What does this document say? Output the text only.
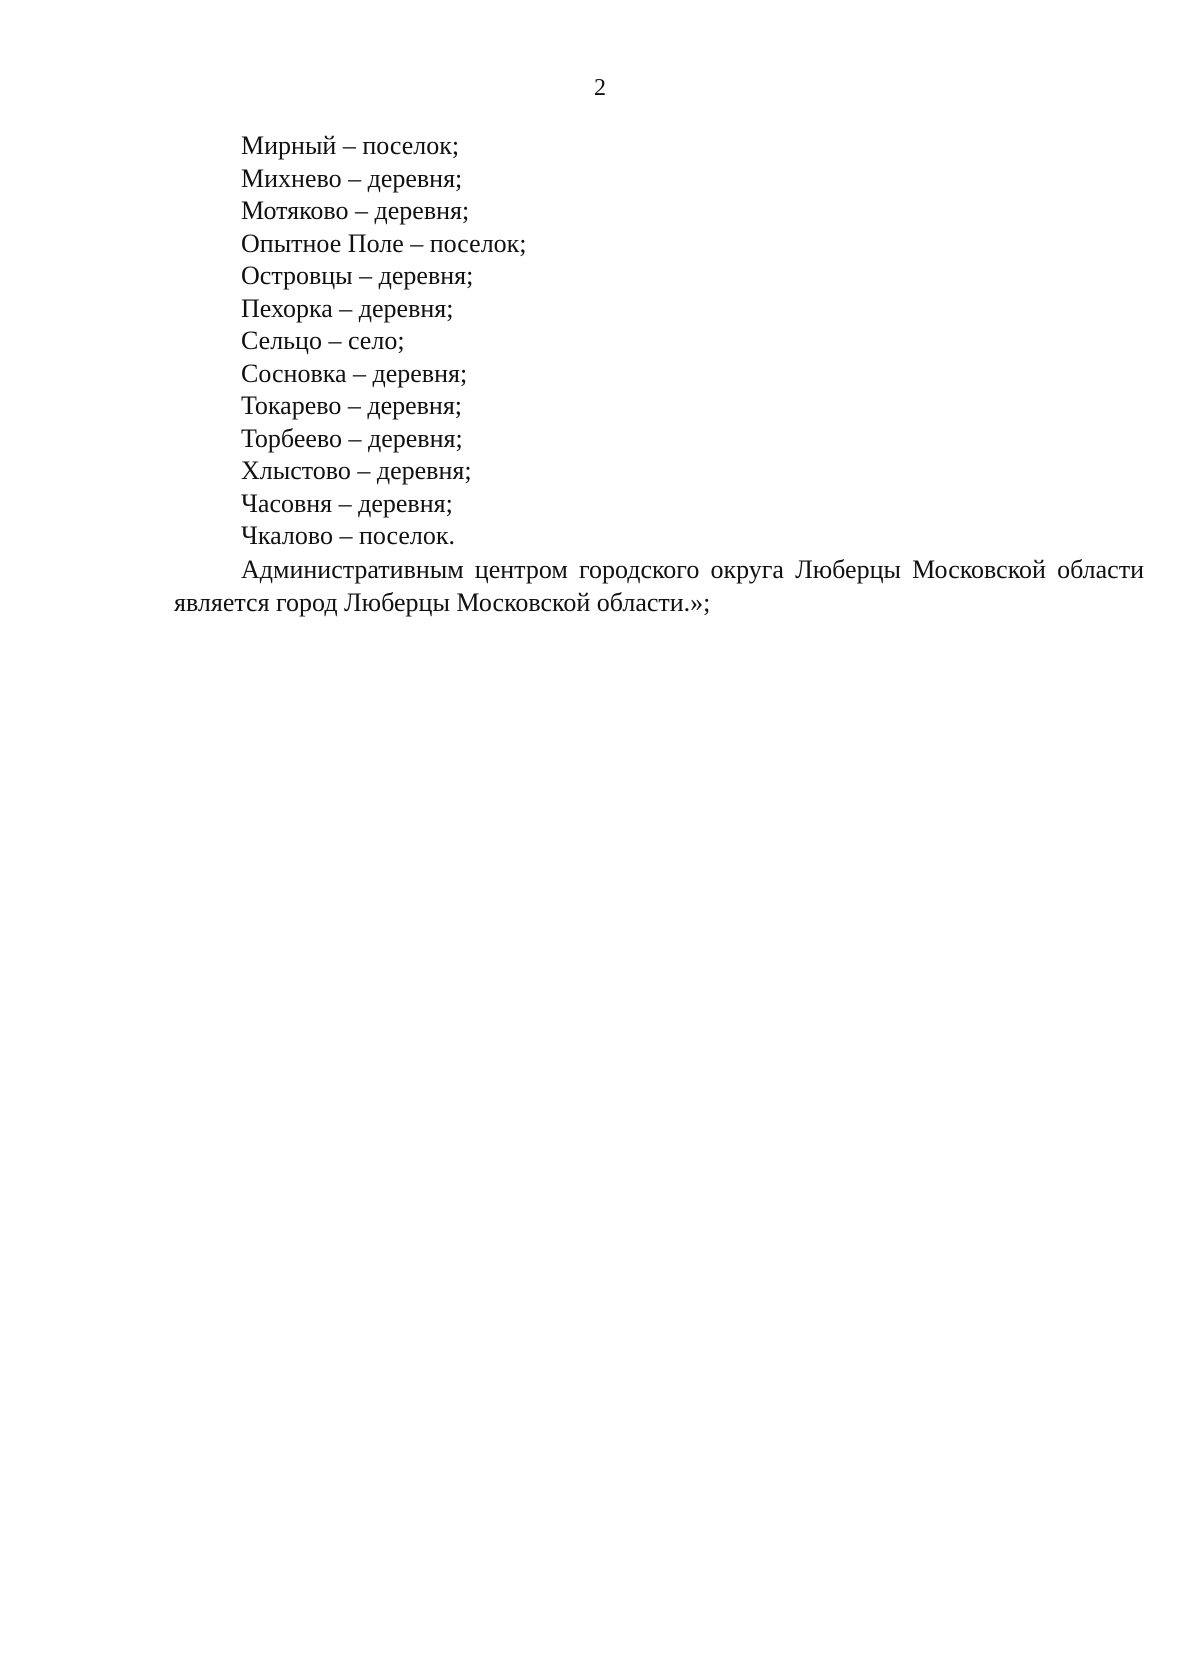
2
Мирный – поселок;
Михнево – деревня;
Мотяково – деревня;
Опытное Поле – поселок;
Островцы – деревня;
Пехорка – деревня;
Сельцо – село;
Сосновка – деревня;
Токарево – деревня;
Торбеево – деревня;
Хлыстово – деревня;
Часовня – деревня;
Чкалово – поселок.

Административным центром городского округа Люберцы Московской области является город Люберцы Московской области.»;
